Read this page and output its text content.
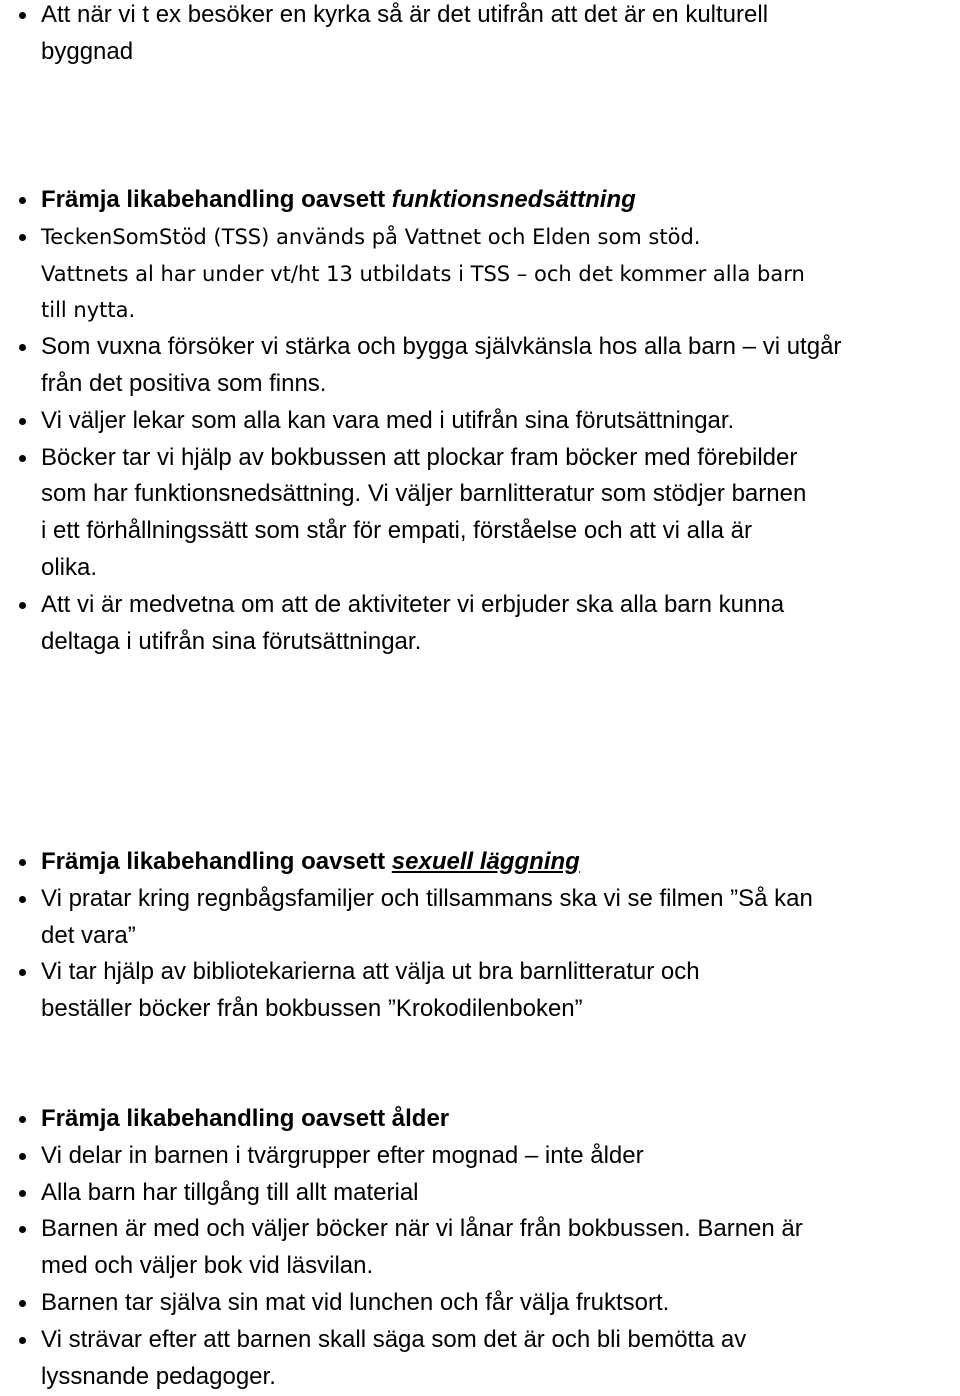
Att när vi t ex besöker en kyrka så är det utifrån att det är en kulturell
byggnad
Främja likabehandling oavsett funktionsnedsättning
TeckenSomStöd (TSS) används på Vattnet och Elden som stöd.
Vattnets al har under vt/ht 13 utbildats i TSS – och det kommer alla barn
till nytta.
Som vuxna försöker vi stärka och bygga självkänsla hos alla barn – vi utgår
från det positiva som finns.
Vi väljer lekar som alla kan vara med i utifrån sina förutsättningar.
Böcker tar vi hjälp av bokbussen att plockar fram böcker med förebilder
som har funktionsnedsättning. Vi väljer barnlitteratur som stödjer barnen
i ett förhållningssätt som står för empati, förståelse och att vi alla är
olika.
Att vi är medvetna om att de aktiviteter vi erbjuder ska alla barn kunna
deltaga i utifrån sina förutsättningar.
Främja likabehandling oavsett sexuell läggning
Vi pratar kring regnbågsfamiljer och tillsammans ska vi se filmen ”Så kan
det vara”
Vi tar hjälp av bibliotekarierna att välja ut bra barnlitteratur och
beställer böcker från bokbussen ”Krokodilenboken”
Främja likabehandling oavsett ålder
Vi delar in barnen i tvärgrupper efter mognad – inte ålder
Alla barn har tillgång till allt material
Barnen är med och väljer böcker när vi lånar från bokbussen. Barnen är
med och väljer bok vid läsvilan.
Barnen tar själva sin mat vid lunchen och får välja fruktsort.
Vi strävar efter att barnen skall säga som det är och bli bemötta av
lyssnande pedagoger.
